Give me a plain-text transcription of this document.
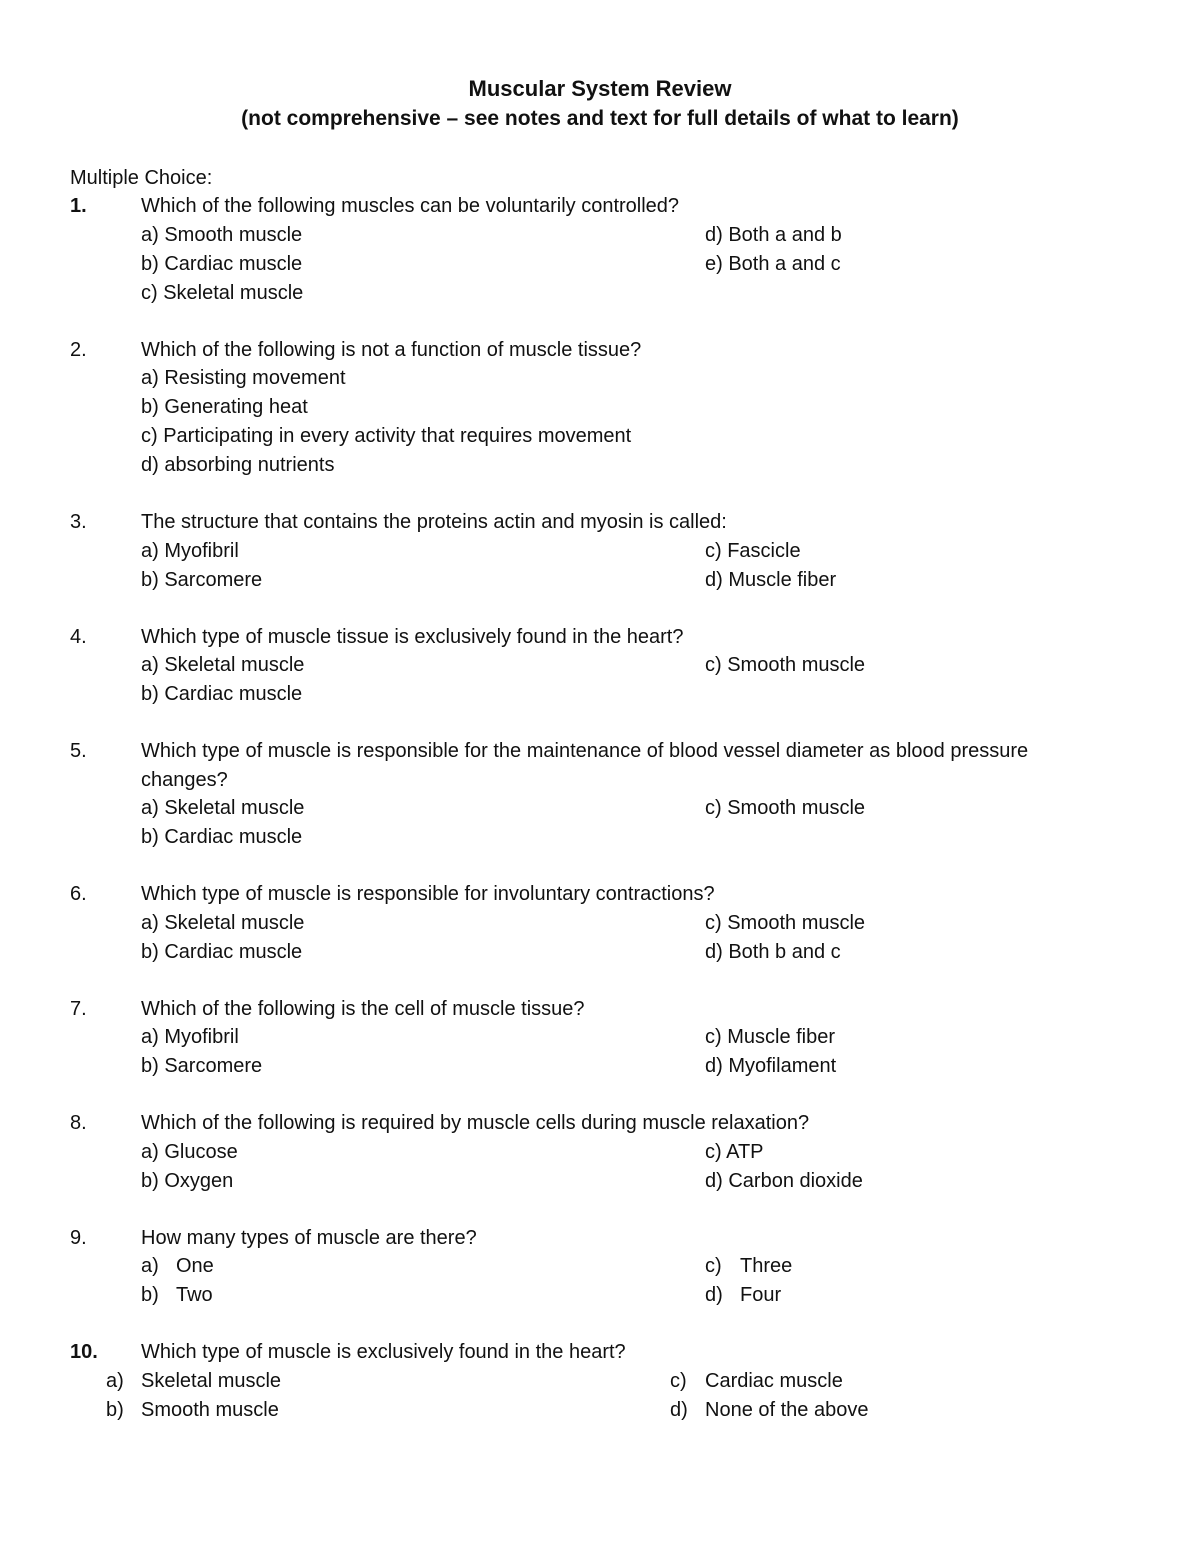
Muscular System Review
(not comprehensive – see notes and text for full details of what to learn)
Multiple Choice:
1.	Which of the following muscles can be voluntarily controlled?
a) Smooth muscle	d) Both a and b
b) Cardiac muscle	e) Both a and c
c) Skeletal muscle
2.	Which of the following is not a function of muscle tissue?
a) Resisting movement
b) Generating heat
c) Participating in every activity that requires movement
d) absorbing nutrients
3.	The structure that contains the proteins actin and myosin is called:
a) Myofibril	c) Fascicle
b) Sarcomere	d) Muscle fiber
4.	Which type of muscle tissue is exclusively found in the heart?
a) Skeletal muscle	c) Smooth muscle
b) Cardiac muscle
5.	Which type of muscle is responsible for the maintenance of blood vessel diameter as blood pressure changes?
a) Skeletal muscle	c) Smooth muscle
b) Cardiac muscle
6.	Which type of muscle is responsible for involuntary contractions?
a) Skeletal muscle	c) Smooth muscle
b) Cardiac muscle	d) Both b and c
7.	Which of the following is the cell of muscle tissue?
a) Myofibril	c) Muscle fiber
b) Sarcomere	d) Myofilament
8.	Which of the following is required by muscle cells during muscle relaxation?
a) Glucose	c) ATP
b) Oxygen	d) Carbon dioxide
9.	How many types of muscle are there?
a) One	c) Three
b) Two	d) Four
10. Which type of muscle is exclusively found in the heart?
a) Skeletal muscle	c) Cardiac muscle
b) Smooth muscle	d) None of the above
